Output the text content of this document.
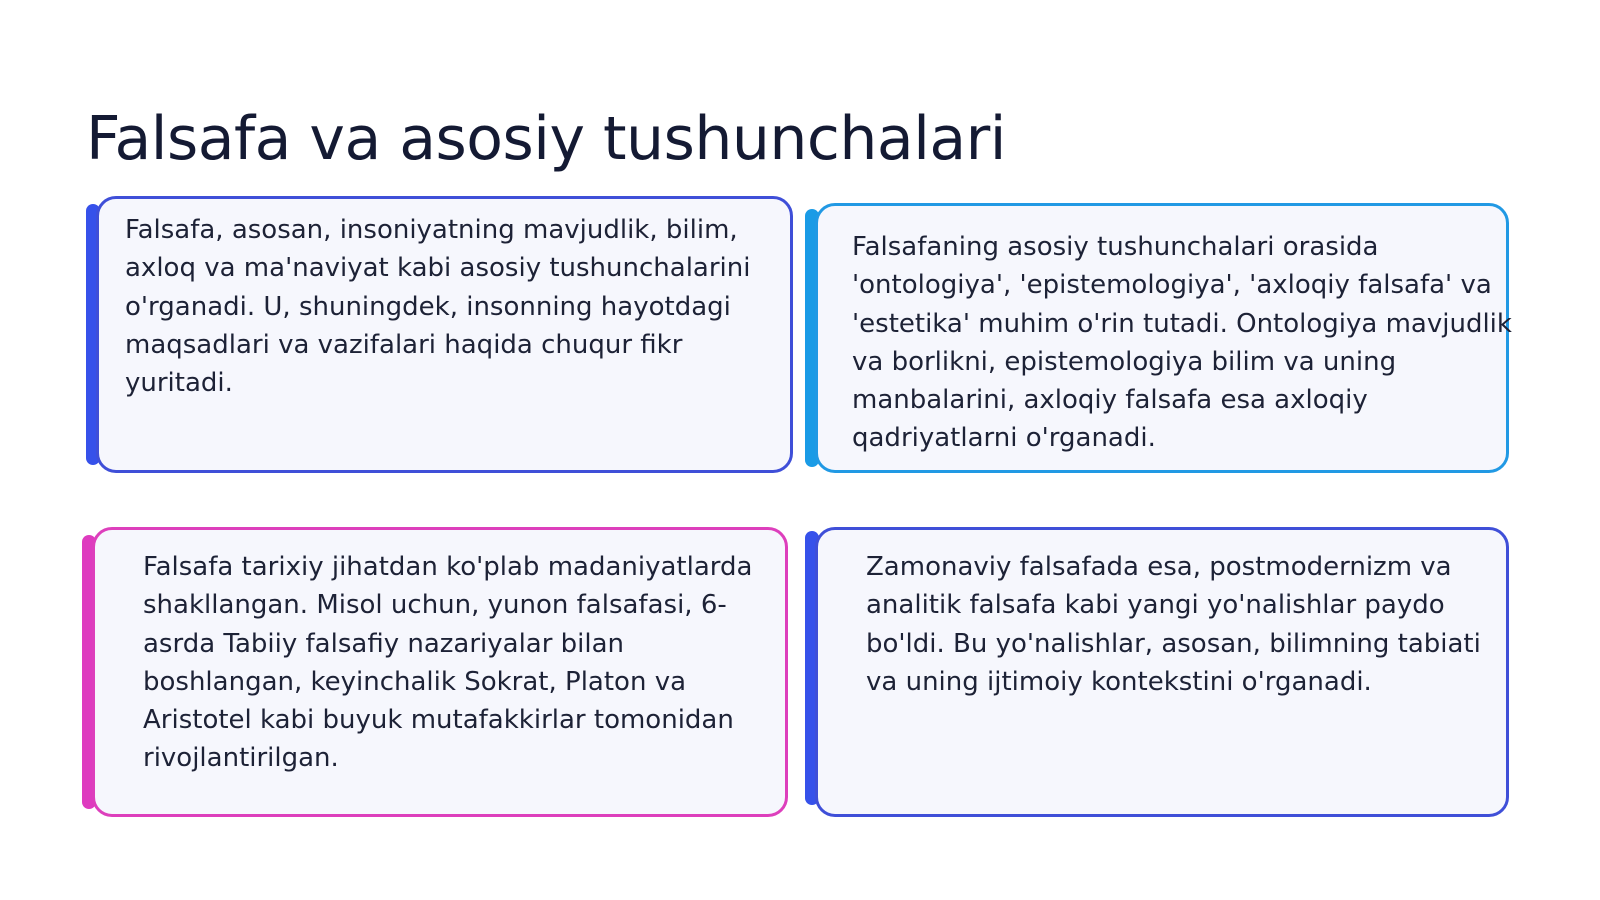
Falsafa va asosiy tushunchalari

Falsafa, asosan, insoniyatning mavjudlik, bilim, axloq va ma'naviyat kabi asosiy tushunchalarini o'rganadi. U, shuningdek, insonning hayotdagi maqsadlari va vazifalari haqida chuqur fikr yuritadi.

Falsafaning asosiy tushunchalari orasida 'ontologiya', 'epistemologiya', 'axloqiy falsafa' va 'estetika' muhim o'rin tutadi. Ontologiya mavjudlik va borlikni, epistemologiya bilim va uning manbalarini, axloqiy falsafa esa axloqiy qadriyatlarni o'rganadi.

Falsafa tarixiy jihatdan ko'plab madaniyatlarda shakllangan. Misol uchun, yunon falsafasi, 6-asrda Tabiiy falsafiy nazariyalar bilan boshlangan, keyinchalik Sokrat, Platon va Aristotel kabi buyuk mutafakkirlar tomonidan rivojlantirilgan.

Zamonaviy falsafada esa, postmodernizm va analitik falsafa kabi yangi yo'nalishlar paydo bo'ldi. Bu yo'nalishlar, asosan, bilimning tabiati va uning ijtimoiy kontekstini o'rganadi.
